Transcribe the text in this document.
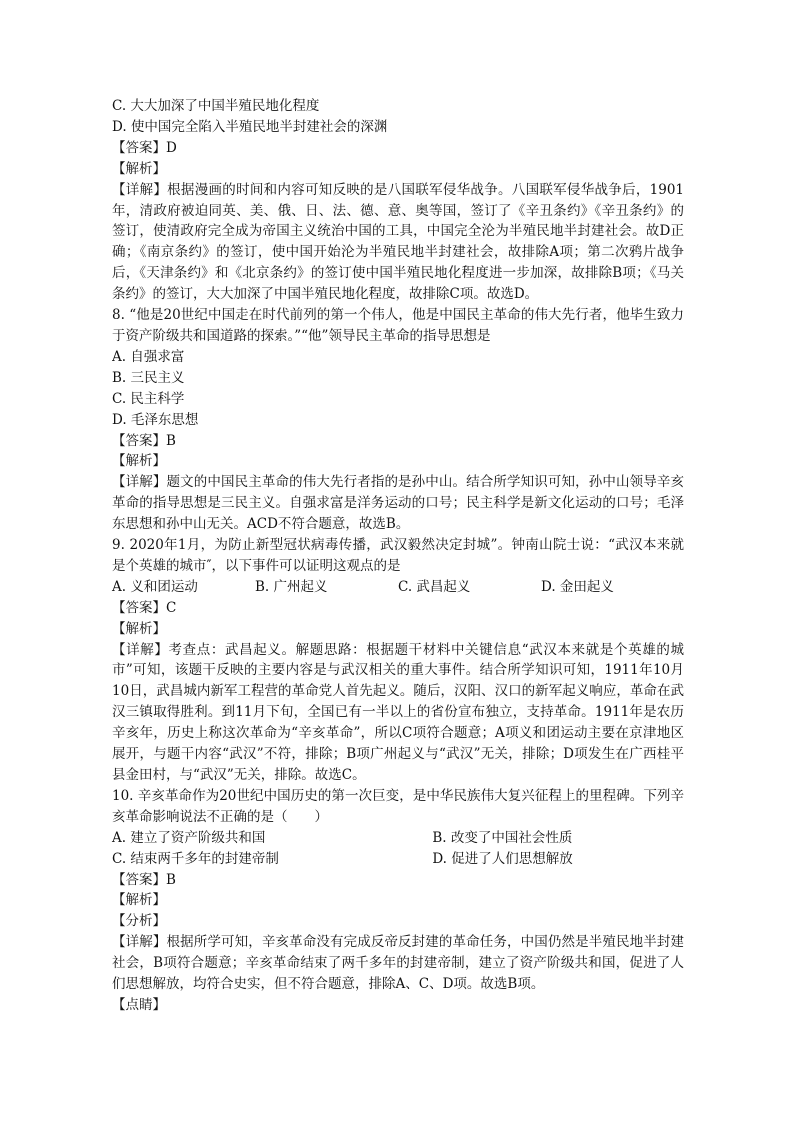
C. 大大加深了中国半殖民地化程度
D. 使中国完全陷入半殖民地半封建社会的深渊
【答案】D
【解析】
【详解】根据漫画的时间和内容可知反映的是八国联军侵华战争。八国联军侵华战争后，1901年，清政府被迫同英、美、俄、日、法、德、意、奥等国，签订了《辛丑条约》《辛丑条约》的签订，使清政府完全成为帝国主义统治中国的工具，中国完全沦为半殖民地半封建社会。故D正确；《南京条约》的签订，使中国开始沦为半殖民地半封建社会，故排除A项；第二次鸦片战争后，《天津条约》和《北京条约》的签订使中国半殖民地化程度进一步加深，故排除B项；《马关条约》的签订，大大加深了中国半殖民地化程度，故排除C项。故选D。
8. “他是20世纪中国走在时代前列的第一个伟人，他是中国民主革命的伟大先行者，他毕生致力于资产阶级共和国道路的探索。”“他”领导民主革命的指导思想是
A. 自强求富
B. 三民主义
C. 民主科学
D. 毛泽东思想
【答案】B
【解析】
【详解】题文的中国民主革命的伟大先行者指的是孙中山。结合所学知识可知，孙中山领导辛亥革命的指导思想是三民主义。自强求富是洋务运动的口号；民主科学是新文化运动的口号；毛泽东思想和孙中山无关。ACD不符合题意，故选B。
9. 2020年1月，为防止新型冠状病毒传播，武汉毅然决定封城”。钟南山院士说：“武汉本来就是个英雄的城市″，以下事件可以证明这观点的是
A. 义和团运动	B. 广州起义	C. 武昌起义	D. 金田起义
【答案】C
【解析】
【详解】考查点：武昌起义。解题思路：根据题干材料中关键信息“武汉本来就是个英雄的城市”可知，该题干反映的主要内容是与武汉相关的重大事件。结合所学知识可知，1911年10月10日，武昌城内新军工程营的革命党人首先起义。随后，汉阳、汉口的新军起义响应，革命在武汉三镇取得胜利。到11月下旬，全国已有一半以上的省份宣布独立，支持革命。1911年是农历辛亥年，历史上称这次革命为“辛亥革命”，所以C项符合题意；A项义和团运动主要在京津地区展开，与题干内容“武汉”不符，排除；B项广州起义与“武汉”无关，排除；D项发生在广西桂平县金田村，与“武汉”无关，排除。故选C。
10. 辛亥革命作为20世纪中国历史的第一次巨变，是中华民族伟大复兴征程上的里程碑。下列辛亥革命影响说法不正确的是（　　）
A. 建立了资产阶级共和国	B. 改变了中国社会性质
C. 结束两千多年的封建帝制	D. 促进了人们思想解放
【答案】B
【解析】
【分析】
【详解】根据所学可知，辛亥革命没有完成反帝反封建的革命任务，中国仍然是半殖民地半封建社会，B项符合题意；辛亥革命结束了两千多年的封建帝制，建立了资产阶级共和国，促进了人们思想解放，均符合史实，但不符合题意，排除A、C、D项。故选B项。
【点睛】
